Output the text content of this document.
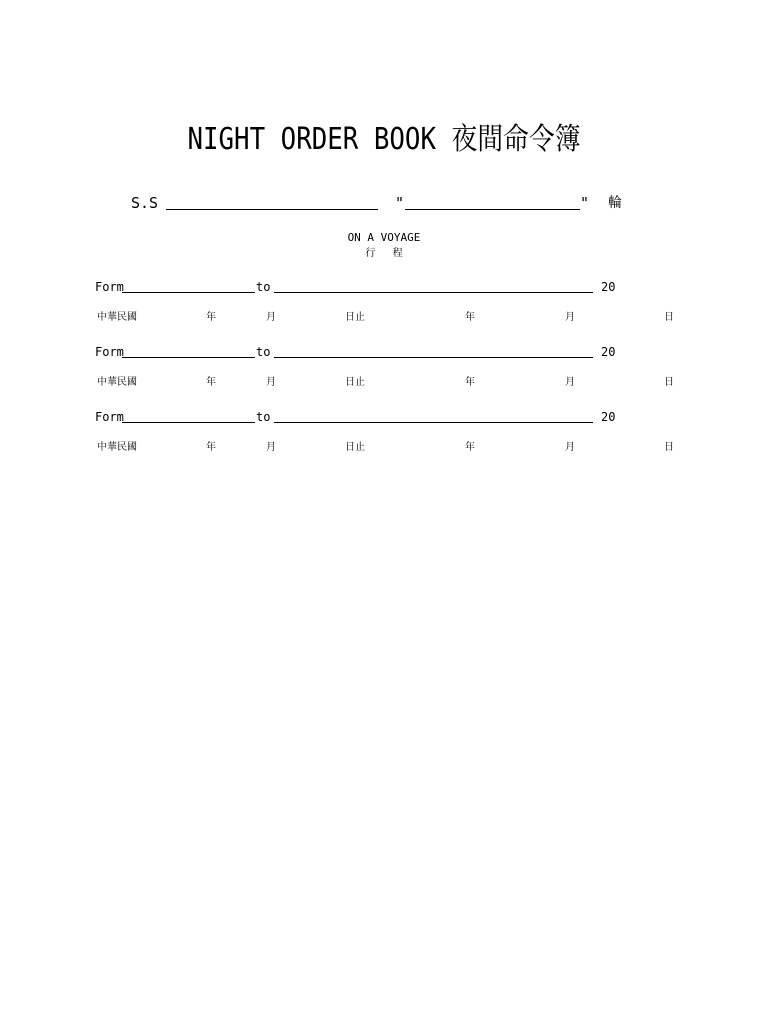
NIGHT ORDER BOOK 夜間命令簿
S.S	"	" 輪
ON A VOYAGE
行 程
Form	to	20
中華民國	年	月	日止	年	月	日
Form	to	20
中華民國	年	月	日止	年	月	日
Form	to	20
中華民國	年	月	日止	年	月	日
